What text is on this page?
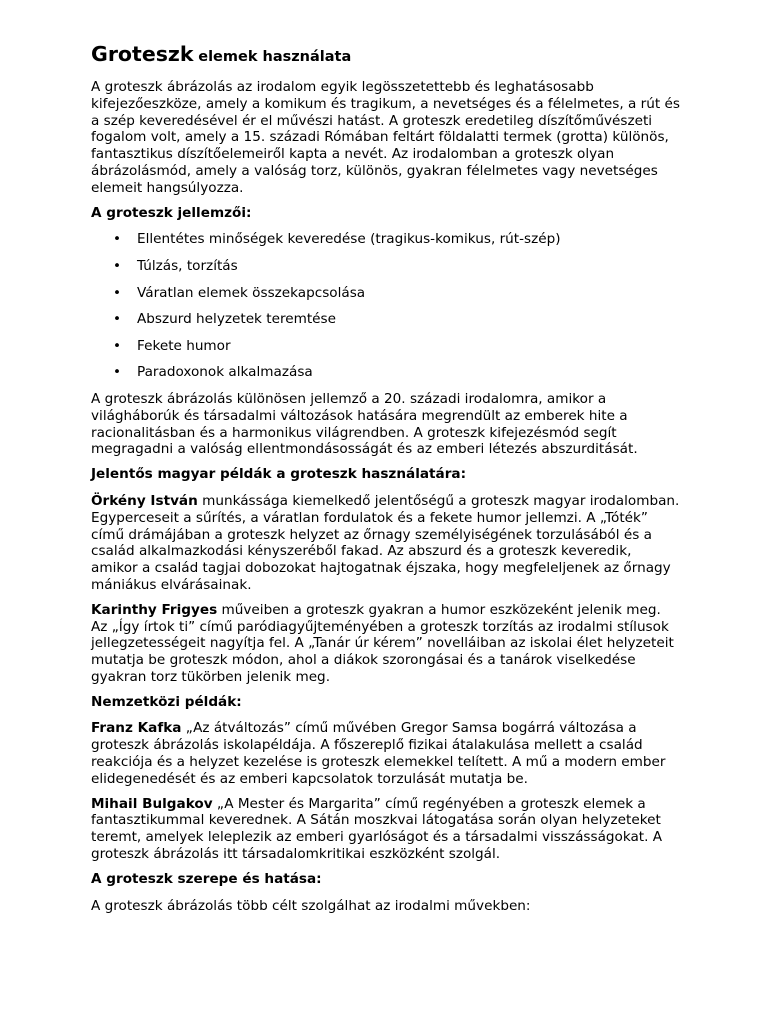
Groteszk elemek használata

A groteszk ábrázolás az irodalom egyik legösszetettebb és leghatásosabb kifejezőeszköze, amely a komikum és tragikum, a nevetséges és a félelmetes, a rút és a szép keveredésével ér el művészi hatást. A groteszk eredetileg díszítőművészeti fogalom volt, amely a 15. századi Rómában feltárt földalatti termek (grotta) különös, fantasztikus díszítőelemeiről kapta a nevét. Az irodalomban a groteszk olyan ábrázolásmód, amely a valóság torz, különös, gyakran félelmetes vagy nevetséges elemeit hangsúlyozza.

A groteszk jellemzői:

• Ellentétes minőségek keveredése (tragikus-komikus, rút-szép)
• Túlzás, torzítás
• Váratlan elemek összekapcsolása
• Abszurd helyzetek teremtése
• Fekete humor
• Paradoxonok alkalmazása

A groteszk ábrázolás különösen jellemző a 20. századi irodalomra, amikor a világháborúk és társadalmi változások hatására megrendült az emberek hite a racionalitásban és a harmonikus világrendben. A groteszk kifejezésmód segít megragadni a valóság ellentmondásosságát és az emberi létezés abszurditását.

Jelentős magyar példák a groteszk használatára:

Örkény István munkássága kiemelkedő jelentőségű a groteszk magyar irodalomban. Egyperceseit a sűrítés, a váratlan fordulatok és a fekete humor jellemzi. A „Tóték” című drámájában a groteszk helyzet az őrnagy személyiségének torzulásából és a család alkalmazkodási kényszeréből fakad. Az abszurd és a groteszk keveredik, amikor a család tagjai dobozokat hajtogatnak éjszaka, hogy megfeleljenek az őrnagy mániákus elvárásainak.

Karinthy Frigyes műveiben a groteszk gyakran a humor eszközeként jelenik meg. Az „Így írtok ti” című paródiagyűjteményében a groteszk torzítás az irodalmi stílusok jellegzetességeit nagyítja fel. A „Tanár úr kérem” novelláiban az iskolai élet helyzeteit mutatja be groteszk módon, ahol a diákok szorongásai és a tanárok viselkedése gyakran torz tükörben jelenik meg.

Nemzetközi példák:

Franz Kafka „Az átváltozás” című művében Gregor Samsa bogárrá változása a groteszk ábrázolás iskolapéldája. A főszereplő fizikai átalakulása mellett a család reakciója és a helyzet kezelése is groteszk elemekkel telített. A mű a modern ember elidegenedését és az emberi kapcsolatok torzulását mutatja be.

Mihail Bulgakov „A Mester és Margarita” című regényében a groteszk elemek a fantasztikummal keverednek. A Sátán moszkvai látogatása során olyan helyzeteket teremt, amelyek leleplezik az emberi gyarlóságot és a társadalmi visszásságokat. A groteszk ábrázolás itt társadalomkritikai eszközként szolgál.

A groteszk szerepe és hatása:

A groteszk ábrázolás több célt szolgálhat az irodalmi művekben:
